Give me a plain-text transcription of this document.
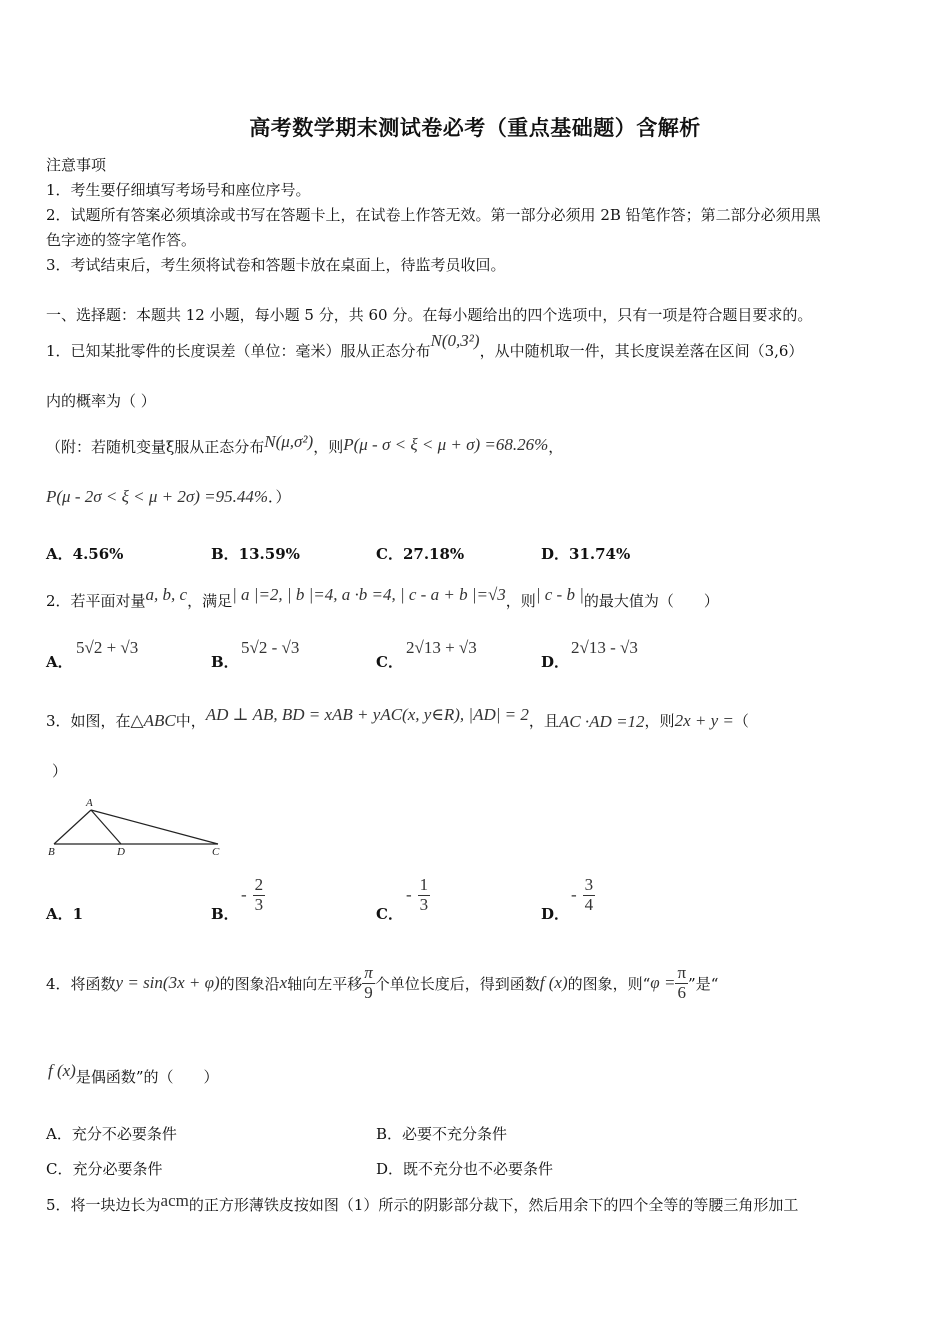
高考数学期末测试卷必考（重点基础题）含解析
注意事项
1．考生要仔细填写考场号和座位序号。
2．试题所有答案必须填涂或书写在答题卡上，在试卷上作答无效。第一部分必须用 2B 铅笔作答；第二部分必须用黑
色字迹的签字笔作答。
3．考试结束后，考生须将试卷和答题卡放在桌面上，待监考员收回。
一、选择题：本题共 12 小题，每小题 5 分，共 60 分。在每小题给出的四个选项中，只有一项是符合题目要求的。
1．已知某批零件的长度误差（单位：毫米）服从正态分布N(0,3²)，从中随机取一件，其长度误差落在区间（3,6）
内的概率为（ ）
（附：若随机变量ξ服从正态分布N(μ,σ²)，则P(μ - σ < ξ < μ + σ) =68.26%，
P(μ - 2σ < ξ < μ + 2σ) =95.44%．）
A．4.56%	B．13.59%	C．27.18%	D．31.74%
2．若平面对量a, b, c，满足| a |=2, | b |=4, a ·b =4, | c - a + b |=√3，则| c - b |的最大值为（　　）
A．
5√2 + √3
B．
5√2 - √3
C．
2√13 + √3
D．
2√13 - √3
3．如图，在△ABC中，AD ⊥ AB, BD = xAB + yAC(x, y∈R), |AD| = 2，且AC ·AD =12，则2x + y =（
）
A
B	D	C
A．1	B．
- $\frac{2}{3}$	C．
- $\frac{1}{3}$	D．
- $\frac{3}{4}$
4．将函数 y = sin(3x + φ) 的图象沿 x 轴向左平移 $\frac{\pi}{9}$ 个单位长度后，得到函数 f (x) 的图象，则“ $\varphi = \frac{\pi}{6}$ ”是“
f (x)是偶函数”的（　　）
A．充分不必要条件	B．必要不充分条件
C．充分必要条件	D．既不充分也不必要条件
5．将一块边长为acm的正方形薄铁皮按如图（1）所示的阴影部分裁下，然后用余下的四个全等的等腰三角形加工
